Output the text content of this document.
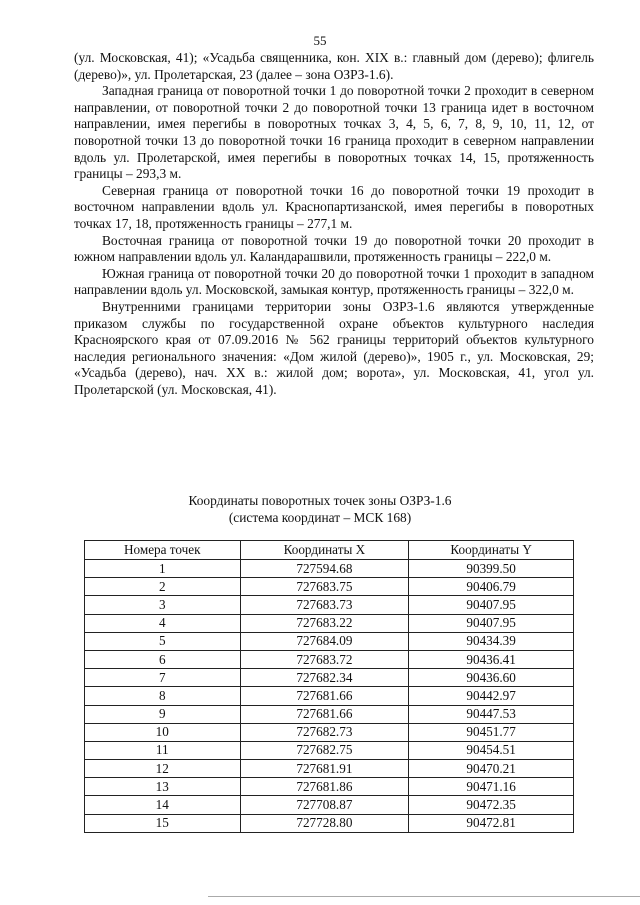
55

(ул. Московская, 41); «Усадьба священника, кон. XIX в.: главный дом (дерево); флигель (дерево)», ул. Пролетарская, 23 (далее – зона ОЗРЗ-1.6).

Западная граница от поворотной точки 1 до поворотной точки 2 проходит в северном направлении, от поворотной точки 2 до поворотной точки 13 граница идет в восточном направлении, имея перегибы в поворотных точках 3, 4, 5, 6, 7, 8, 9, 10, 11, 12, от поворотной точки 13 до поворотной точки 16 граница проходит в северном направлении вдоль ул. Пролетарской, имея перегибы в поворотных точках 14, 15, протяженность границы – 293,3 м.

Северная граница от поворотной точки 16 до поворотной точки 19 проходит в восточном направлении вдоль ул. Краснопартизанской, имея перегибы в поворотных точках 17, 18, протяженность границы – 277,1 м.

Восточная граница от поворотной точки 19 до поворотной точки 20 проходит в южном направлении вдоль ул. Каландарашвили, протяженность границы – 222,0 м.

Южная граница от поворотной точки 20 до поворотной точки 1 проходит в западном направлении вдоль ул. Московской, замыкая контур, протяженность границы – 322,0 м.

Внутренними границами территории зоны ОЗРЗ-1.6 являются утвержденные приказом службы по государственной охране объектов культурного наследия Красноярского края от 07.09.2016 № 562 границы территорий объектов культурного наследия регионального значения: «Дом жилой (дерево)», 1905 г., ул. Московская, 29; «Усадьба (дерево), нач. XX в.: жилой дом; ворота», ул. Московская, 41, угол ул. Пролетарской (ул. Московская, 41).

Координаты поворотных точек зоны ОЗРЗ-1.6
(система координат – МСК 168)
Номера точек	Координаты X	Координаты Y
1	727594.68	90399.50
2	727683.75	90406.79
3	727683.73	90407.95
4	727683.22	90407.95
5	727684.09	90434.39
6	727683.72	90436.41
7	727682.34	90436.60
8	727681.66	90442.97
9	727681.66	90447.53
10	727682.73	90451.77
11	727682.75	90454.51
12	727681.91	90470.21
13	727681.86	90471.16
14	727708.87	90472.35
15	727728.80	90472.81
